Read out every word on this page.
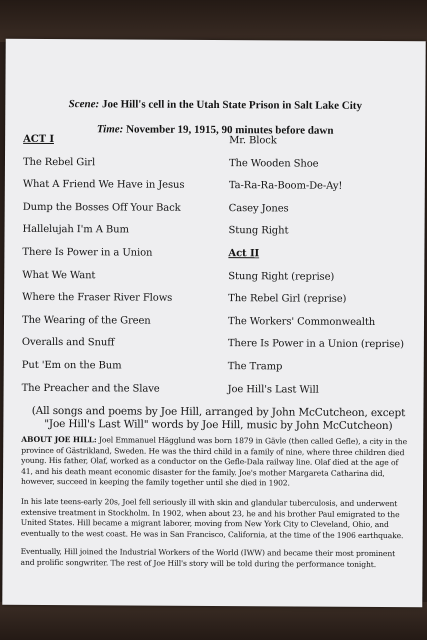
Scene: Joe Hill's cell in the Utah State Prison in Salt Lake City
Time: November 19, 1915, 90 minutes before dawn
ACT I
The Rebel Girl
What A Friend We Have in Jesus
Dump the Bosses Off Your Back
Hallelujah I'm A Bum
There Is Power in a Union
What We Want
Where the Fraser River Flows
The Wearing of the Green
Overalls and Snuff
Put 'Em on the Bum
The Preacher and the Slave
Mr. Block
The Wooden Shoe
Ta-Ra-Ra-Boom-De-Ay!
Casey Jones
Stung Right
Act II
Stung Right (reprise)
The Rebel Girl (reprise)
The Workers' Commonwealth
There Is Power in a Union (reprise)
The Tramp
Joe Hill's Last Will
(All songs and poems by Joe Hill, arranged by John McCutcheon, except "Joe Hill's Last Will" words by Joe Hill, music by John McCutcheon)
ABOUT JOE HILL: Joel Emmanuel Hägglund was born 1879 in Gävle (then called Gefle), a city in the province of Gästrikland, Sweden. He was the third child in a family of nine, where three children died young. His father, Olaf, worked as a conductor on the Gefle-Dala railway line. Olaf died at the age of 41, and his death meant economic disaster for the family. Joe's mother Margareta Catharina did, however, succeed in keeping the family together until she died in 1902.
In his late teens-early 20s, Joel fell seriously ill with skin and glandular tuberculosis, and underwent extensive treatment in Stockholm. In 1902, when about 23, he and his brother Paul emigrated to the United States. Hill became a migrant laborer, moving from New York City to Cleveland, Ohio, and eventually to the west coast. He was in San Francisco, California, at the time of the 1906 earthquake.
Eventually, Hill joined the Industrial Workers of the World (IWW) and became their most prominent and prolific songwriter. The rest of Joe Hill's story will be told during the performance tonight.
